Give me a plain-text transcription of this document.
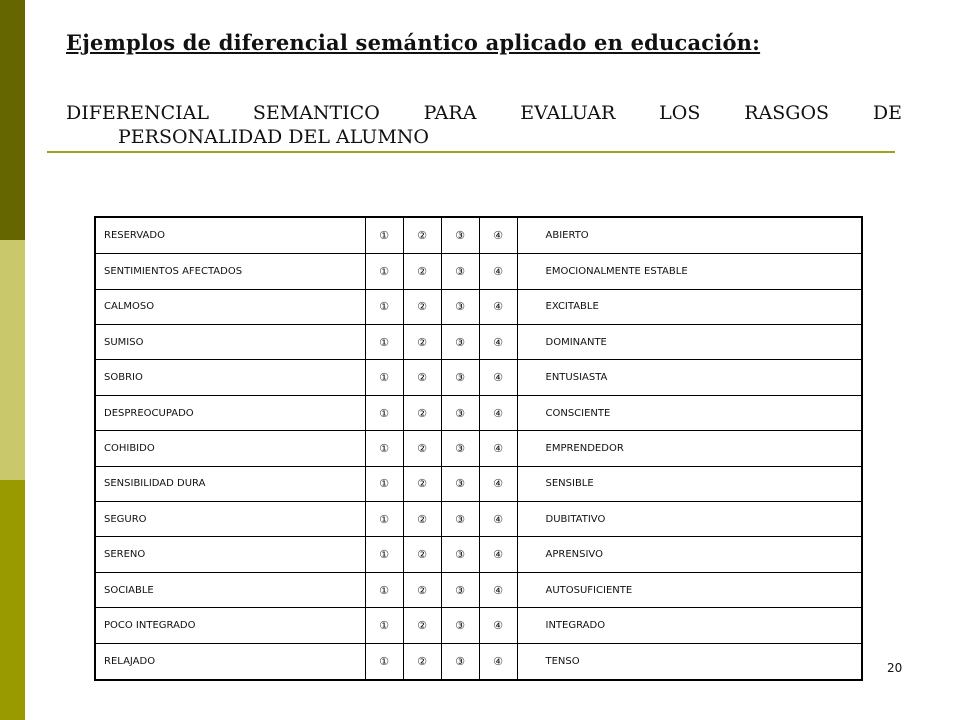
Ejemplos de diferencial semántico aplicado en educación:

DIFERENCIAL SEMANTICO PARA EVALUAR LOS RASGOS DE

PERSONALIDAD DEL ALUMNO

RESERVADO	①	②	③	④	ABIERTO
SENTIMIENTOS AFECTADOS	①	②	③	④	EMOCIONALMENTE ESTABLE
CALMOSO	①	②	③	④	EXCITABLE
SUMISO	①	②	③	④	DOMINANTE
SOBRIO	①	②	③	④	ENTUSIASTA
DESPREOCUPADO	①	②	③	④	CONSCIENTE
COHIBIDO	①	②	③	④	EMPRENDEDOR
SENSIBILIDAD DURA	①	②	③	④	SENSIBLE
SEGURO	①	②	③	④	DUBITATIVO
SERENO	①	②	③	④	APRENSIVO
SOCIABLE	①	②	③	④	AUTOSUFICIENTE
POCO INTEGRADO	①	②	③	④	INTEGRADO
RELAJADO	①	②	③	④	TENSO	20
